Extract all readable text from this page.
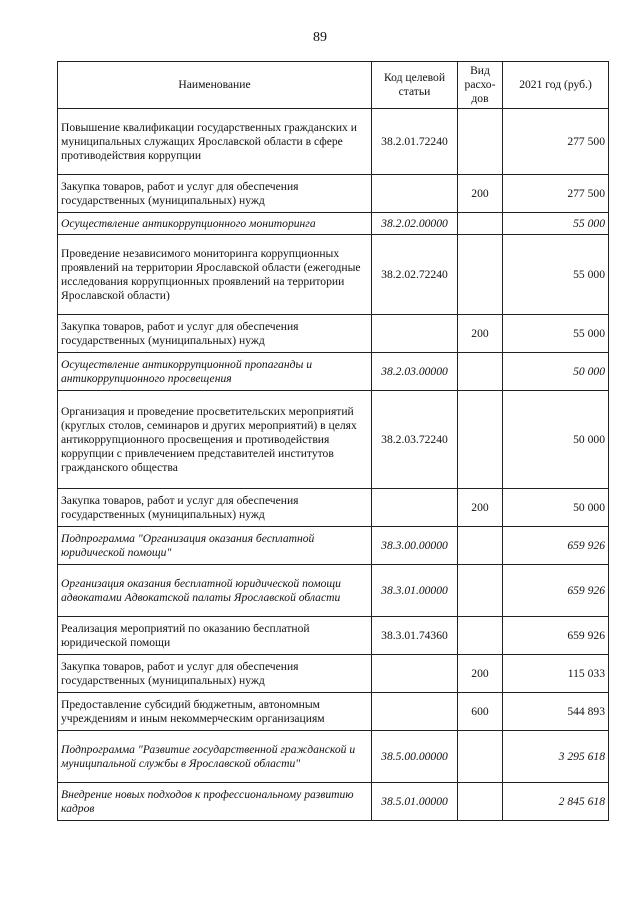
89
Наименование	Код целевой статьи	Вид расхо-дов	2021 год (руб.)
Повышение квалификации государственных гражданских и муниципальных служащих Ярославской области в сфере противодействия коррупции	38.2.01.72240		277 500
Закупка товаров, работ и услуг для обеспечения государственных (муниципальных) нужд		200	277 500
Осуществление антикоррупционного мониторинга	38.2.02.00000		55 000
Проведение независимого мониторинга коррупционных проявлений на территории Ярославской области (ежегодные исследования коррупционных проявлений на территории Ярославской области)	38.2.02.72240		55 000
Закупка товаров, работ и услуг для обеспечения государственных (муниципальных) нужд		200	55 000
Осуществление антикоррупционной пропаганды и антикоррупционного просвещения	38.2.03.00000		50 000
Организация и проведение просветительских мероприятий (круглых столов, семинаров и других мероприятий) в целях антикоррупционного просвещения и противодействия коррупции с привлечением представителей институтов гражданского общества	38.2.03.72240		50 000
Закупка товаров, работ и услуг для обеспечения государственных (муниципальных) нужд		200	50 000
Подпрограмма "Организация оказания бесплатной юридической помощи"	38.3.00.00000		659 926
Организация оказания бесплатной юридической помощи адвокатами Адвокатской палаты Ярославской области	38.3.01.00000		659 926
Реализация мероприятий по оказанию бесплатной юридической помощи	38.3.01.74360		659 926
Закупка товаров, работ и услуг для обеспечения государственных (муниципальных) нужд		200	115 033
Предоставление субсидий бюджетным, автономным учреждениям и иным некоммерческим организациям		600	544 893
Подпрограмма "Развитие государственной гражданской и муниципальной службы в Ярославской области"	38.5.00.00000		3 295 618
Внедрение новых подходов к профессиональному развитию кадров	38.5.01.00000		2 845 618
